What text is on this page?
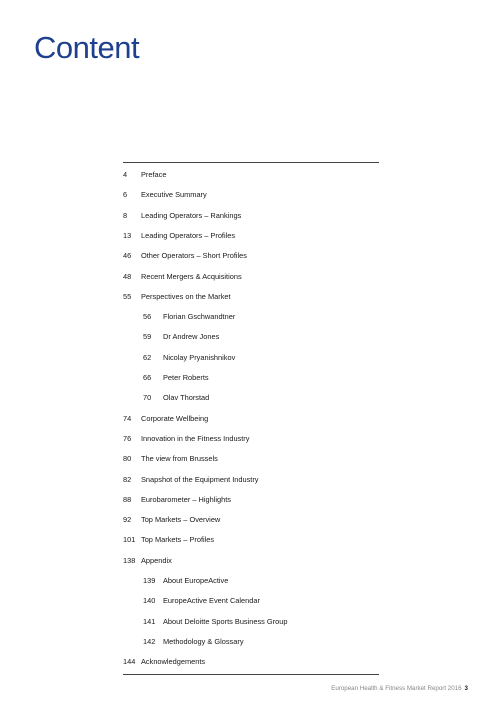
Content
4 Preface
6 Executive Summary
8 Leading Operators – Rankings
13 Leading Operators – Profiles
46 Other Operators – Short Profiles
48 Recent Mergers & Acquisitions
55 Perspectives on the Market
56 Florian Gschwandtner
59 Dr Andrew Jones
62 Nicolay Pryanishnikov
66 Peter Roberts
70 Olav Thorstad
74 Corporate Wellbeing
76 Innovation in the Fitness Industry
80 The view from Brussels
82 Snapshot of the Equipment Industry
88 Eurobarometer – Highlights
92 Top Markets – Overview
101 Top Markets – Profiles
138 Appendix
139 About EuropeActive
140 EuropeActive Event Calendar
141 About Deloitte Sports Business Group
142 Methodology & Glossary
144 Acknowledgements
European Health & Fitness Market Report 2016 3
